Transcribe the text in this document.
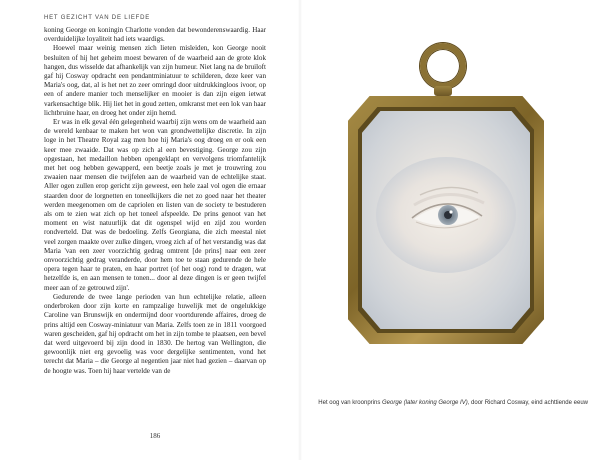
HET GEZICHT VAN DE LIEFDE

koning George en koningin Charlotte vonden dat bewonderenswaardig. Haar overduidelijke loyaliteit had iets waardigs.

Hoewel maar weinig mensen zich lieten misleiden, kon George nooit besluiten of hij het geheim moest bewaren of de waarheid aan de grote klok hangen, dus wisselde dat afhankelijk van zijn humeur. Niet lang na de bruiloft gaf hij Cosway opdracht een pendantminiatuur te schilderen, deze keer van Maria's oog, dat, al is het net zo zeer omringd door uitdrukkingloos ivoor, op een of andere manier toch menselijker en mooier is dan zijn eigen ietwat varkensachtige blik. Hij liet het in goud zetten, omkranst met een lok van haar lichtbruine haar, en droeg het onder zijn hemd.

Er was in elk geval één gelegenheid waarbij zijn wens om de waarheid aan de wereld kenbaar te maken het won van grondwettelijke discretie. In zijn loge in het Theatre Royal zag men hoe hij Maria's oog droeg en er ook een keer mee zwaaide. Dat was op zich al een bevestiging. George zou zijn opgestaan, het medaillon hebben opengeklapt en vervolgens triomfantelijk met het oog hebben gewapperd, een beetje zoals je met je trouwring zou zwaaien naar mensen die twijfelen aan de waarheid van de echtelijke staat. Aller ogen zullen erop gericht zijn geweest, een hele zaal vol ogen die ernaar staarden door de lorgnetten en toneelkijkers die net zo goed naar het theater werden meegenomen om de capriolen en listen van de society te bestuderen als om te zien wat zich op het toneel afspeelde. De prins genoot van het moment en wist natuurlijk dat dit ogenspel wijd en zijd zou worden rondverteld. Dat was de bedoeling. Zelfs Georgiana, die zich meestal niet veel zorgen maakte over zulke dingen, vroeg zich af of het verstandig was dat Maria 'van een zeer voorzichtig gedrag omtrent [de prins] naar een zeer onvoorzichtig gedrag veranderde, door hem toe te staan gedurende de hele opera tegen haar te praten, en haar portret (of het oog) rond te dragen, wat hetzelfde is, en aan mensen te tonen... door al deze dingen is er geen twijfel meer aan of ze getrouwd zijn'.

Gedurende de twee lange perioden van hun echtelijke relatie, alleen onderbroken door zijn korte en rampzalige huwelijk met de ongelukkige Caroline van Brunswijk en ondermijnd door voortdurende affaires, droeg de prins altijd een Cosway-miniatuur van Maria. Zelfs toen ze in 1811 voorgoed waren gescheiden, gaf hij opdracht om het in zijn tombe te plaatsen, een bevel dat werd uitgevoerd bij zijn dood in 1830. De hertog van Wellington, die gewoonlijk niet erg gevoelig was voor dergelijke sentimenten, vond het terecht dat Maria – die George al negentien jaar niet had gezien – daarvan op de hoogte was. Toen hij haar vertelde van de

186
Het oog van kroonprins George (later koning George IV), door Richard Cosway, eind achttiende eeuw
